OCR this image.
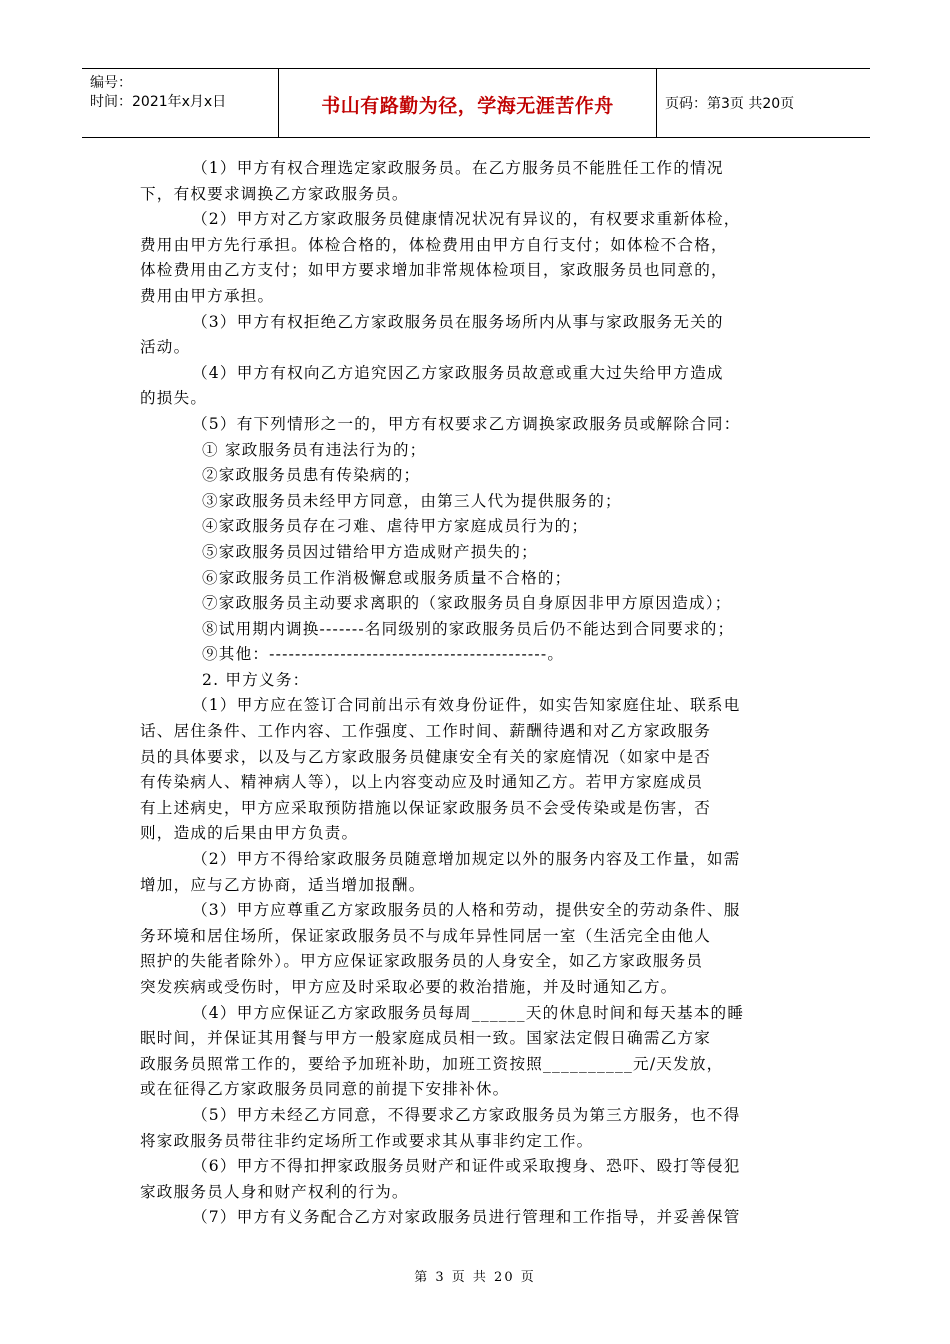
编号：
时间：2021年x月x日	书山有路勤为径，学海无涯苦作舟	页码：第3页 共20页
（1）甲方有权合理选定家政服务员。在乙方服务员不能胜任工作的情况
下，有权要求调换乙方家政服务员。
（2）甲方对乙方家政服务员健康情况状况有异议的，有权要求重新体检，
费用由甲方先行承担。体检合格的，体检费用由甲方自行支付；如体检不合格，
体检费用由乙方支付；如甲方要求增加非常规体检项目，家政服务员也同意的，
费用由甲方承担。
（3）甲方有权拒绝乙方家政服务员在服务场所内从事与家政服务无关的
活动。
（4）甲方有权向乙方追究因乙方家政服务员故意或重大过失给甲方造成
的损失。
（5）有下列情形之一的，甲方有权要求乙方调换家政服务员或解除合同：
① 家政服务员有违法行为的；
②家政服务员患有传染病的；
③家政服务员未经甲方同意，由第三人代为提供服务的；
④家政服务员存在刁难、虐待甲方家庭成员行为的；
⑤家政服务员因过错给甲方造成财产损失的；
⑥家政服务员工作消极懈怠或服务质量不合格的；
⑦家政服务员主动要求离职的（家政服务员自身原因非甲方原因造成）；
⑧试用期内调换-------名同级别的家政服务员后仍不能达到合同要求的；
⑨其他：-------------------------------------------。
2. 甲方义务：
（1）甲方应在签订合同前出示有效身份证件，如实告知家庭住址、联系电
话、居住条件、工作内容、工作强度、工作时间、薪酬待遇和对乙方家政服务
员的具体要求，以及与乙方家政服务员健康安全有关的家庭情况（如家中是否
有传染病人、精神病人等），以上内容变动应及时通知乙方。若甲方家庭成员
有上述病史，甲方应采取预防措施以保证家政服务员不会受传染或是伤害，否
则，造成的后果由甲方负责。
（2）甲方不得给家政服务员随意增加规定以外的服务内容及工作量，如需
增加，应与乙方协商，适当增加报酬。
（3）甲方应尊重乙方家政服务员的人格和劳动，提供安全的劳动条件、服
务环境和居住场所，保证家政服务员不与成年异性同居一室（生活完全由他人
照护的失能者除外）。甲方应保证家政服务员的人身安全，如乙方家政服务员
突发疾病或受伤时，甲方应及时采取必要的救治措施，并及时通知乙方。
（4）甲方应保证乙方家政服务员每周______天的休息时间和每天基本的睡
眠时间，并保证其用餐与甲方一般家庭成员相一致。国家法定假日确需乙方家
政服务员照常工作的，要给予加班补助，加班工资按照__________元/天发放，
或在征得乙方家政服务员同意的前提下安排补休。
（5）甲方未经乙方同意，不得要求乙方家政服务员为第三方服务，也不得
将家政服务员带往非约定场所工作或要求其从事非约定工作。
（6）甲方不得扣押家政服务员财产和证件或采取搜身、恐吓、殴打等侵犯
家政服务员人身和财产权利的行为。
（7）甲方有义务配合乙方对家政服务员进行管理和工作指导，并妥善保管
第 3 页 共 20 页
